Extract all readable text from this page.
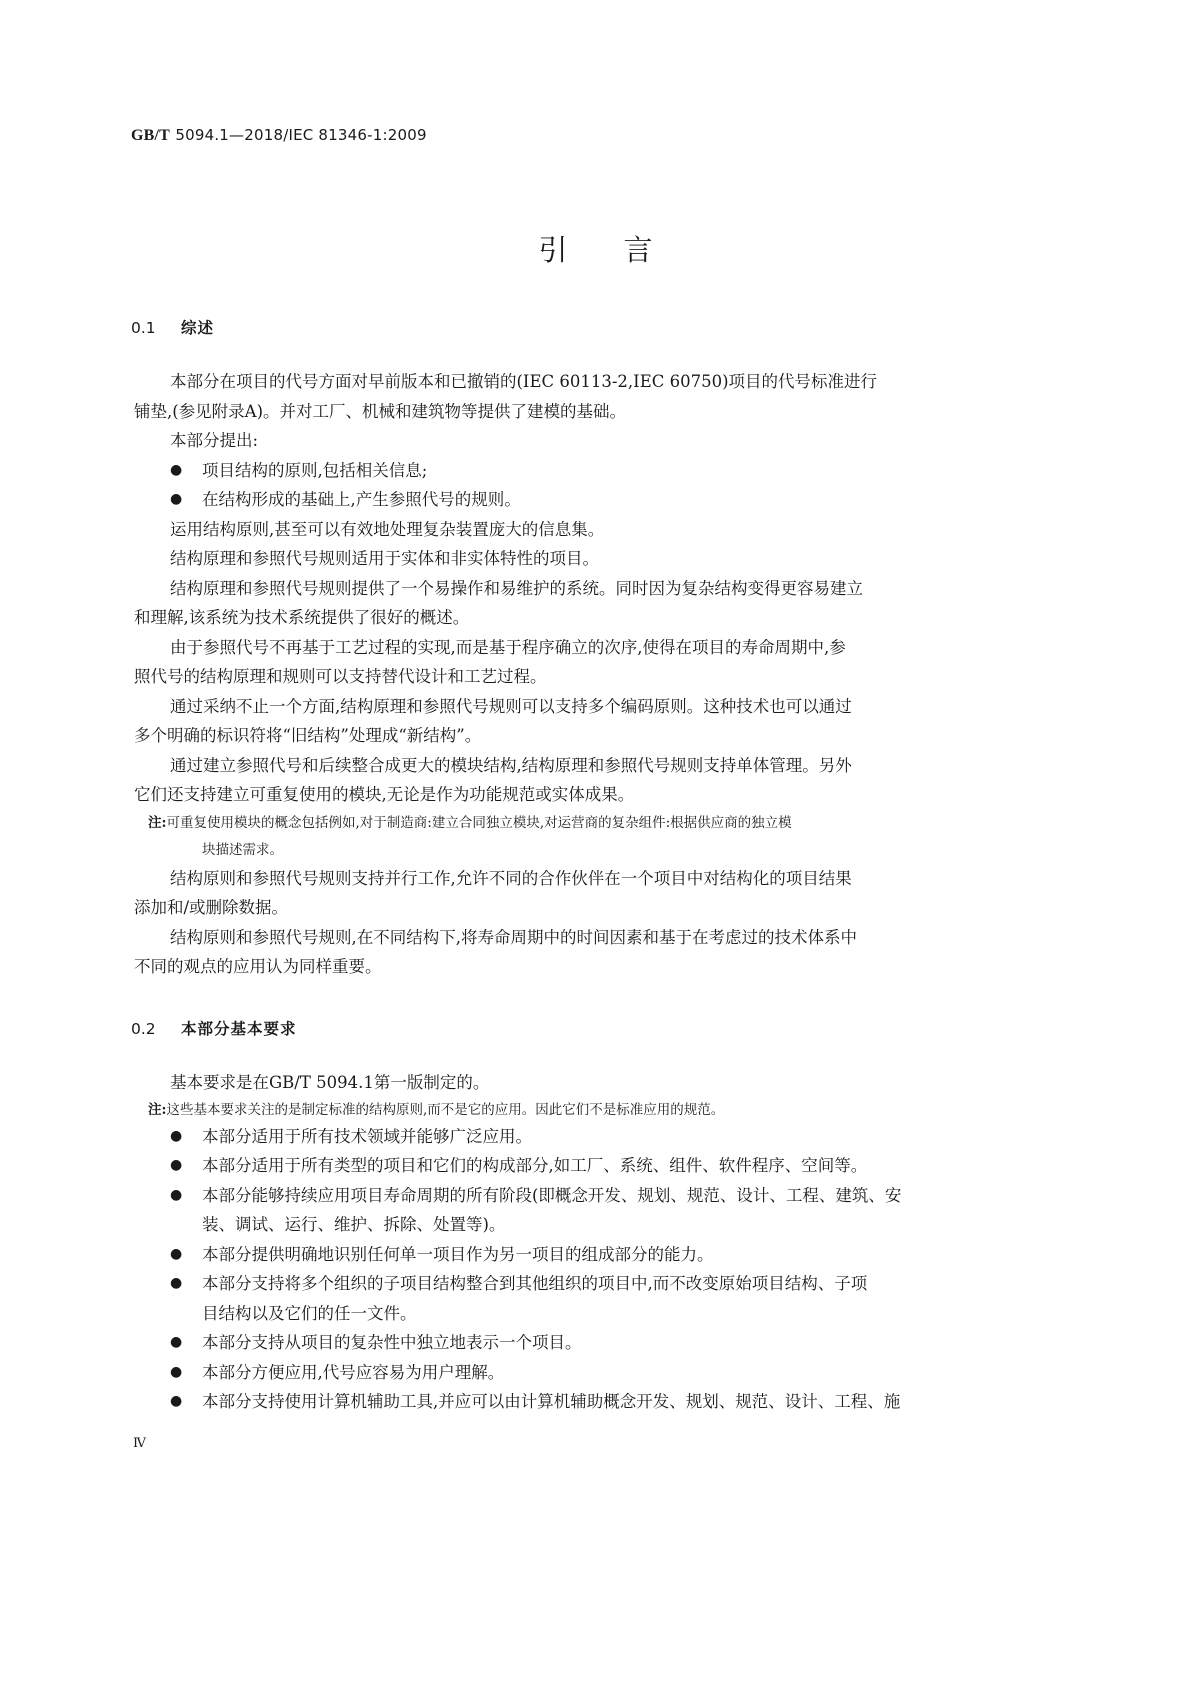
GB/T 5094.1—2018/IEC 81346-1:2009
引言
0.1 综述

本部分在项目的代号方面对早前版本和已撤销的(IEC 60113-2,IEC 60750)项目的代号标准进行

铺垫,(参见附录A)。并对工厂、机械和建筑物等提供了建模的基础。

本部分提出:

● 项目结构的原则,包括相关信息;

● 在结构形成的基础上,产生参照代号的规则。

运用结构原则,甚至可以有效地处理复杂装置庞大的信息集。

结构原理和参照代号规则适用于实体和非实体特性的项目。

结构原理和参照代号规则提供了一个易操作和易维护的系统。同时因为复杂结构变得更容易建立

和理解,该系统为技术系统提供了很好的概述。

由于参照代号不再基于工艺过程的实现,而是基于程序确立的次序,使得在项目的寿命周期中,参

照代号的结构原理和规则可以支持替代设计和工艺过程。

通过采纳不止一个方面,结构原理和参照代号规则可以支持多个编码原则。这种技术也可以通过

多个明确的标识符将“旧结构”处理成“新结构”。

通过建立参照代号和后续整合成更大的模块结构,结构原理和参照代号规则支持单体管理。另外

它们还支持建立可重复使用的模块,无论是作为功能规范或实体成果。

注:可重复使用模块的概念包括例如,对于制造商:建立合同独立模块,对运营商的复杂组件:根据供应商的独立模
块描述需求。

结构原则和参照代号规则支持并行工作,允许不同的合作伙伴在一个项目中对结构化的项目结果

添加和/或删除数据。

结构原则和参照代号规则,在不同结构下,将寿命周期中的时间因素和基于在考虑过的技术体系中

不同的观点的应用认为同样重要。

0.2 本部分基本要求

基本要求是在GB/T 5094.1第一版制定的。

注:这些基本要求关注的是制定标准的结构原则,而不是它的应用。因此它们不是标准应用的规范。

● 本部分适用于所有技术领域并能够广泛应用。

● 本部分适用于所有类型的项目和它们的构成部分,如工厂、系统、组件、软件程序、空间等。

● 本部分能够持续应用项目寿命周期的所有阶段(即概念开发、规划、规范、设计、工程、建筑、安
装、调试、运行、维护、拆除、处置等)。

● 本部分提供明确地识别任何单一项目作为另一项目的组成部分的能力。

● 本部分支持将多个组织的子项目结构整合到其他组织的项目中,而不改变原始项目结构、子项
目结构以及它们的任一文件。

● 本部分支持从项目的复杂性中独立地表示一个项目。

● 本部分方便应用,代号应容易为用户理解。

● 本部分支持使用计算机辅助工具,并应可以由计算机辅助概念开发、规划、规范、设计、工程、施

Ⅳ
